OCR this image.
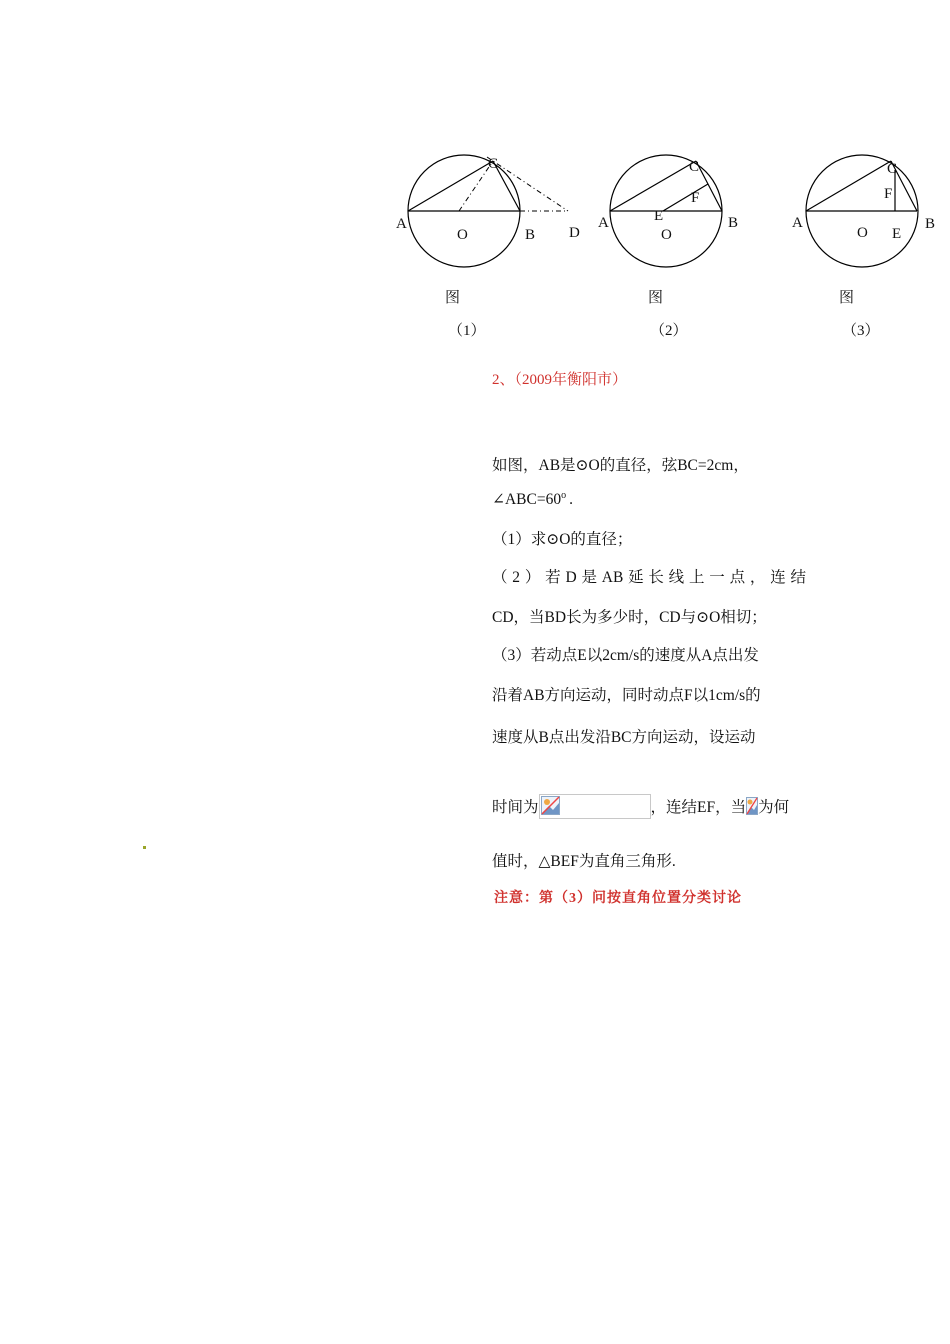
A
C
O	B D
图
（1）
A
C
F
E
O
B
图
（2）
A
C
F
O E
B
图
（3）
2、（2009年衡阳市）
如图，AB是⊙O的直径，弦BC=2cm，
$\angle ABC=60^o$ .
（1）求⊙O的直径；
（2）若D是AB延长线上一点，连结
CD，当BD长为多少时，CD与⊙O相切；
（3）若动点E以2cm/s的速度从A点出发
沿着AB方向运动，同时动点F以1cm/s的
速度从B点出发沿BC方向运动，设运动
时间为	，连结EF，当 为何
值时，△BEF为直角三角形.
注意：第（3）问按直角位置分类讨论
